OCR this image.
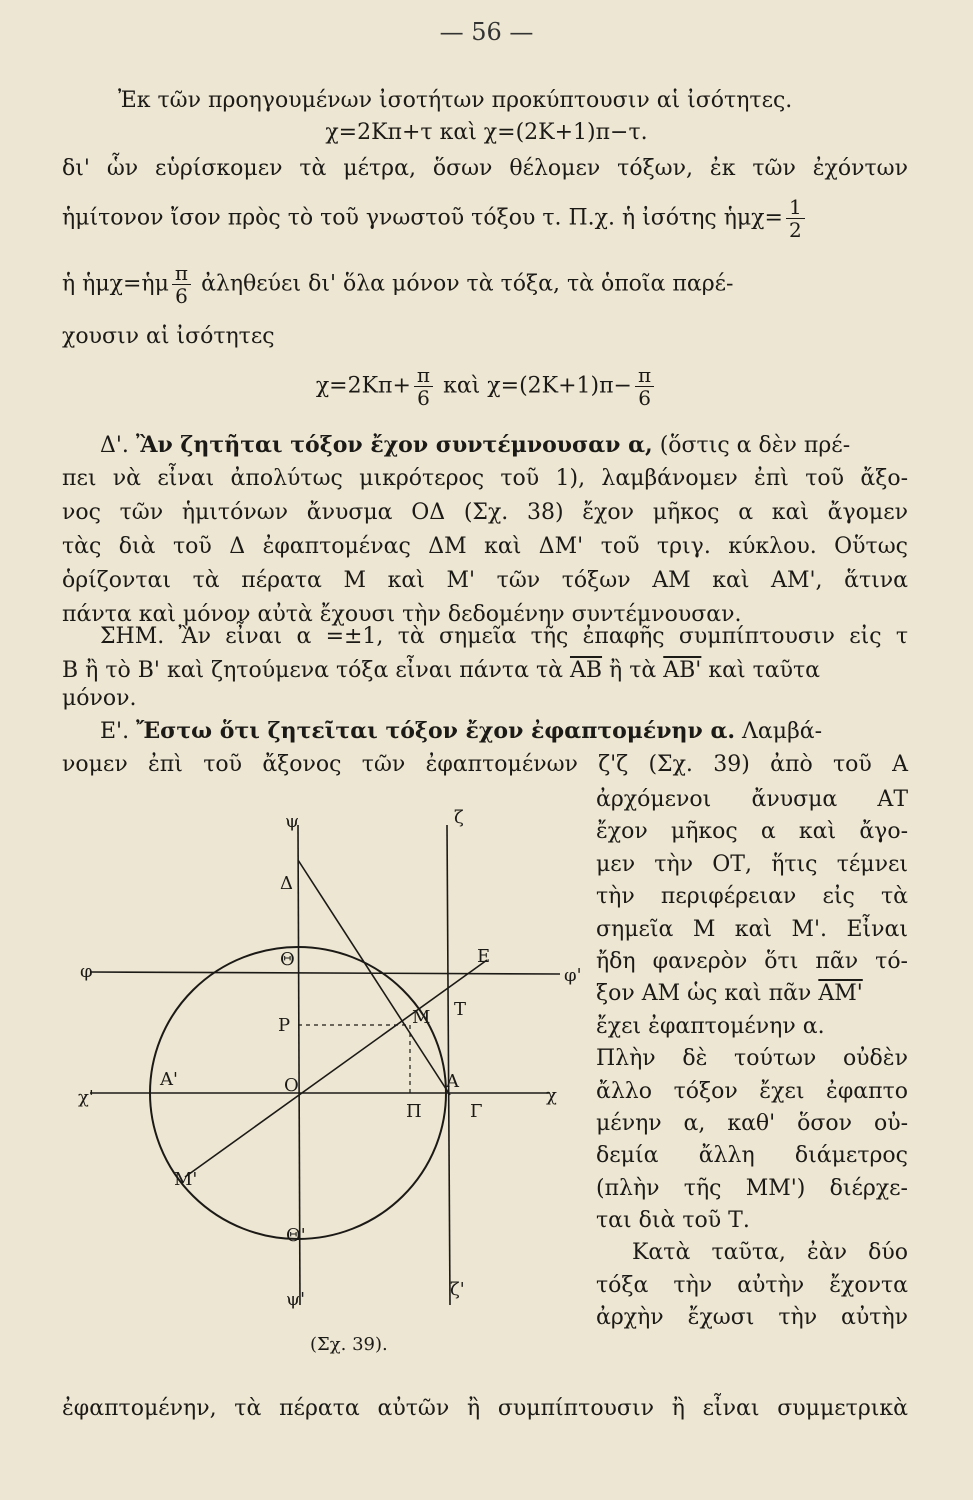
— 56 —
Ἐκ τῶν προηγουμένων ἰσοτήτων προκύπτουσιν αἱ ἰσότητες.
χ=2Κπ+τ καὶ χ=(2Κ+1)π−τ.
δι' ὧν εὑρίσκομεν τὰ μέτρα, ὅσων θέλομεν τόξων, ἐκ τῶν ἐχόντων
ἡμίτονον ἴσον πρὸς τὸ τοῦ γνωστοῦ τόξου τ. Π.χ. ἡ ἰσότης ἡμχ= $\frac{1}{2}$
ἡ ἡμχ=ἡμ $\frac{\pi}{6}$ ἀληθεύει δι' ὅλα μόνον τὰ τόξα, τὰ ὁποῖα παρέ-
χουσιν αἱ ἰσότητες
$\chi=2K\pi+ \frac{\pi}{6}$ καὶ $\chi=(2K+1)\pi- \frac{\pi}{6}$
Δ'. Ἂν ζητῆται τόξον ἔχον συντέμνουσαν α, (ὅστις α δὲν πρέ-
πει νὰ εἶναι ἀπολύτως μικρότερος τοῦ 1), λαμβάνομεν ἐπὶ τοῦ ἄξο-
νος τῶν ἡμιτόνων ἄνυσμα ΟΔ (Σχ. 38) ἔχον μῆκος α καὶ ἄγομεν
τὰς διὰ τοῦ Δ ἐφαπτομένας ΔΜ καὶ ΔΜ' τοῦ τριγ. κύκλου. Οὕτως
ὁρίζονται τὰ πέρατα Μ καὶ Μ' τῶν τόξων ΑΜ καὶ ΑΜ', ἅτινα
πάντα καὶ μόνον αὐτὰ ἔχουσι τὴν δεδομένην συντέμνουσαν.
ΣΗΜ. Ἂν εἶναι α =±1, τὰ σημεῖα τῆς ἐπαφῆς συμπίπτουσιν εἰς τ
Β ἢ τὸ Β' καὶ ζητούμενα τόξα εἶναι πάντα τὰ $\overline{AB}$ ἢ τὰ ΑΒ' καὶ ταῦτα
μόνον.
Ε'. Ἔστω ὅτι ζητεῖται τόξον ἔχον ἐφαπτομένην α. Λαμβά-
νομεν ἐπὶ τοῦ ἄξονος τῶν ἐφαπτομένων ζ'ζ (Σχ. 39) ἀπὸ τοῦ Α
ἀρχόμενοι ἄνυσμα ΑΤ
ἔχον μῆκος α καὶ ἄγο-
μεν τὴν ΟΤ, ἥτις τέμνει
τὴν περιφέρειαν εἰς τὰ
σημεῖα Μ καὶ Μ'. Εἶναι
ἤδη φανερὸν ὅτι πᾶν τό-
ξον ΑΜ ὡς καὶ πᾶν ΑΜ'
ἔχει ἐφαπτομένην α.
Πλὴν δὲ τούτων οὐδὲν
ἄλλο τόξον ἔχει ἐφαπτο
μένην α, καθ' ὅσον οὐ-
δεμία ἄλλη διάμετρος
(πλὴν τῆς ΜΜ') διέρχε-
ται διὰ τοῦ Τ.
Κατὰ ταῦτα, ἐὰν δύο
τόξα τὴν αὐτὴν ἔχοντα
ἀρχὴν ἔχωσι τὴν αὐτὴν
ψ	ζ
Δ
Θ
φ
Ε
φ'
Μ Τ
Ρ
χ'
Α'	Ο	Α
χ
Π	Γ
Μ'
Θ'
ψ'	ζ'
(Σχ. 39).
ἐφαπτομένην, τὰ πέρατα αὐτῶν ἢ συμπίπτουσιν ἢ εἶναι συμμετρικὰ
